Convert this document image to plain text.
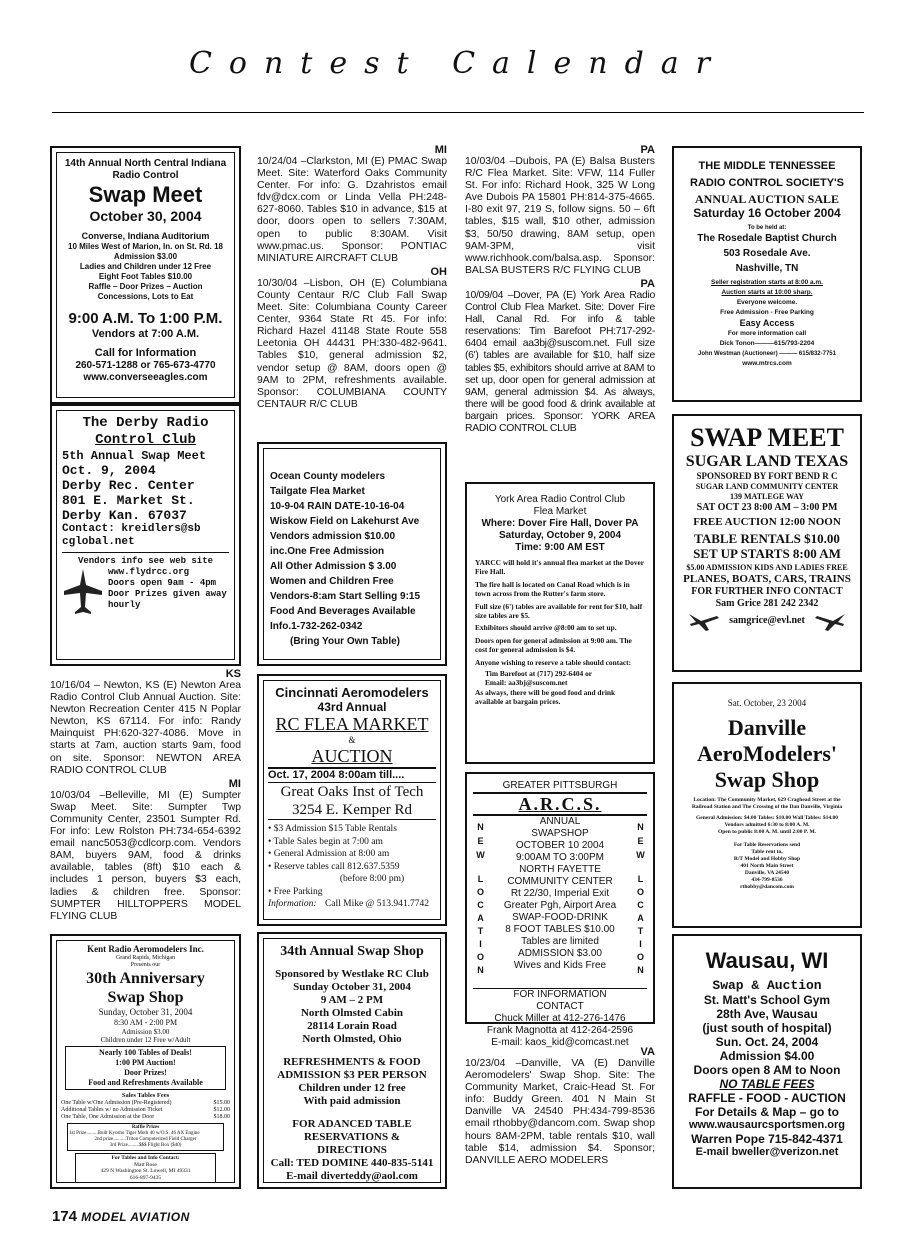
Contest Calendar
14th Annual North Central Indiana
Radio Control
Swap Meet
October 30, 2004
Converse, Indiana Auditorium
10 Miles West of Marion, In. on St. Rd. 18
Admission $3.00
Ladies and Children under 12 Free
Eight Foot Tables $10.00
Raffle – Door Prizes – Auction
Concessions, Lots to Eat
9:00 A.M. To 1:00 P.M.
Vendors at 7:00 A.M.
Call for Information
260-571-1288 or 765-673-4770
www.converseeagles.com
The Derby Radio
Control Club
5th Annual Swap Meet
Oct. 9, 2004
Derby Rec. Center
801 E. Market St.
Derby Kan. 67037
Contact: kreidlers@sb
cglobal.net
Vendors info see web site
www.flydrcc.org
Doors open 9am - 4pm
Door Prizes given away hourly
KS

10/16/04 – Newton, KS (E) Newton Area Radio Control Club Annual Auction. Site: Newton Recreation Center 415 N Poplar Newton, KS 67114. For info: Randy Mainquist PH:620-327-4086. Move in starts at 7am, auction starts 9am, food on site. Sponsor: NEWTON AREA RADIO CONTROL CLUB

MI

10/03/04 –Belleville, MI (E) Sumpter Swap Meet. Site: Sumpter Twp Community Center, 23501 Sumpter Rd. For info: Lew Rolston PH:734-654-6392 email nanc5053@cdlcorp.com. Vendors 8AM, buyers 9AM, food & drinks available, tables (8ft) $10 each & includes 1 person, buyers $3 each, ladies & children free. Sponsor: SUMPTER HILLTOPPERS MODEL FLYING CLUB

Kent Radio Aeromodelers Inc.
Grand Rapids, Michigan
Presents our
30th Anniversary
Swap Shop
Sunday, October 31, 2004
8:30 AM - 2:00 PM
Admission $3.00
Children under 12 Free w/Adult
Nearly 100 Tables of Deals!
1:00 PM Auction!
Door Prizes!
Food and Refreshments Available
Sales Tables Fees
One Table w/One Admission (Pre-Registered)	$15.00
Additional Tables w/ no Admission Ticket	$12.00
One Table, One Admission at the Door	$18.00
Raffle Prizes
1st Prize.........Built Kyosho Tiger Moth 40 w/O.S. 46 AX Engine
2nd prize..........Triton Computerized Field Charger
3rd Prize.........$$$ Flight Box ($40)
For Tables and Info Contact:
Matt Rose
429 N Washington St. Lowell, MI 49331
616-897-9435
MI

10/24/04 –Clarkston, MI (E) PMAC Swap Meet. Site: Waterford Oaks Community Center. For info: G. Dzahristos email fdv@dcx.com or Linda Vella PH:248-627-8060. Tables $10 in advance, $15 at door, doors open to sellers 7:30AM, open to public 8:30AM. Visit www.pmac.us. Sponsor: PONTIAC MINIATURE AIRCRAFT CLUB

OH

10/30/04 –Lisbon, OH (E) Columbiana County Centaur R/C Club Fall Swap Meet. Site: Columbiana County Career Center, 9364 State Rt 45. For info: Richard Hazel 41148 State Route 558 Leetonia OH 44431 PH:330-482-9641. Tables $10, general admission $2, vendor setup @ 8AM, doors open @ 9AM to 2PM, refreshments available. Sponsor: COLUMBIANA COUNTY CENTAUR R/C CLUB

Ocean County modelers
Tailgate Flea Market
10-9-04 RAIN DATE-10-16-04
Wiskow Field on Lakehurst Ave
Vendors admission $10.00
inc.One Free Admission
All Other Admission $ 3.00
Women and Children Free
Vendors-8:am Start Selling 9:15
Food And Beverages Available
Info.1-732-262-0342
(Bring Your Own Table)
Cincinnati Aeromodelers
43rd Annual
RC FLEA MARKET
&
AUCTION
Oct. 17, 2004 8:00am till....
Great Oaks Inst of Tech
3254 E. Kemper Rd
• $3 Admission $15 Table Rentals
• Table Sales begin at 7:00 am
• General Admission at 8:00 am
• Reserve tables call 812.637.5359
(before 8:00 pm)
• Free Parking
Information: Call Mike @ 513.941.7742
34th Annual Swap Shop
Sponsored by Westlake RC Club
Sunday October 31, 2004
9 AM – 2 PM
North Olmsted Cabin
28114 Lorain Road
North Olmsted, Ohio
REFRESHMENTS & FOOD
ADMISSION $3 PER PERSON
Children under 12 free
With paid admission
FOR ADANCED TABLE
RESERVATIONS & DIRECTIONS
Call: TED DOMINE 440-835-5141
E-mail diverteddy@aol.com
PA

10/03/04 –Dubois, PA (E) Balsa Busters R/C Flea Market. Site: VFW, 114 Fuller St. For info: Richard Hook, 325 W Long Ave Dubois PA 15801 PH:814-375-4665. I-80 exit 97, 219 S, follow signs. 50 – 6ft tables, $15 wall, $10 other, admission $3, 50/50 drawing, 8AM setup, open 9AM-3PM, visit www.richhook.com/balsa.asp. Sponsor: BALSA BUSTERS R/C FLYING CLUB

PA

10/09/04 –Dover, PA (E) York Area Radio Control Club Flea Market. Site: Dover Fire Hall, Canal Rd. For info & table reservations: Tim Barefoot PH:717-292-6404 email aa3bj@suscom.net. Full size (6') tables are available for $10, half size tables $5, exhibitors should arrive at 8AM to set up, door open for general admission at 9AM, general admission $4. As always, there will be good food & drink available at bargain prices. Sponsor: YORK AREA RADIO CONTROL CLUB

York Area Radio Control Club
Flea Market
Where: Dover Fire Hall, Dover PA
Saturday, October 9, 2004
Time: 9:00 AM EST

YARCC will hold it's annual flea market at the Dover Fire Hall.

The fire hall is located on Canal Road which is in town across from the Rutter's farm store.

Full size (6') tables are available for rent for $10, half size tables are $5.

Exhibitors should arrive @8:00 am to set up.

Doors open for general admission at 9:00 am. The cost for general admission is $4.

Anyone wishing to reserve a table should contact:

Tim Barefoot at (717) 292-6404 or

Email: aa3bj@suscom.net

As always, there will be good food and drink available at bargain prices.

GREATER PITTSBURGH
A.R.C.S.
NEW
LOCATION
ANNUAL
SWAPSHOP
OCTOBER 10 2004
9:00AM TO 3:00PM
NORTH FAYETTE
COMMUNITY CENTER
Rt 22/30, Imperial Exit
Greater Pgh, Airport Area
SWAP-FOOD-DRINK
8 FOOT TABLES $10.00
Tables are limited
ADMISSION $3.00
Wives and Kids Free
NEW
LOCATION
FOR INFORMATION
CONTACT
Chuck Miller at 412-276-1476
Frank Magnotta at 412-264-2596
E-mail: kaos_kid@comcast.net
VA

10/23/04 –Danville, VA (E) Danville Aeromodelers' Swap Shop. Site: The Community Market, Craic-Head St. For info: Buddy Green. 401 N Main St Danville VA 24540 PH:434-799-8536 email rthobby@dancom.com. Swap shop hours 8AM-2PM, table rentals $10, wall table $14, admission $4. Sponsor; DANVILLE AERO MODELERS

THE MIDDLE TENNESSEE
RADIO CONTROL SOCIETY'S
ANNUAL AUCTION SALE
Saturday 16 October 2004
To be held at:
The Rosedale Baptist Church
503 Rosedale Ave.
Nashville, TN
Seller registration starts at 8:00 a.m.
Auction starts at 10:00 sharp.
Everyone welcome.
Free Admission - Free Parking
Easy Access
For more information call
Dick Tonon———615/793-2204
John Westman (Auctioneer) ——— 615/832-7751
www.mtrcs.com
SWAP MEET
SUGAR LAND TEXAS
SPONSORED BY FORT BEND R C
SUGAR LAND COMMUNITY CENTER
139 MATLEGE WAY
SAT OCT 23 8:00 AM – 3:00 PM
FREE AUCTION 12:00 NOON
TABLE RENTALS $10.00
SET UP STARTS 8:00 AM
$5.00 ADMISSION KIDS AND LADIES FREE
PLANES, BOATS, CARS, TRAINS
FOR FURTHER INFO CONTACT
Sam Grice 281 242 2342
samgrice@evl.net
Sat. October, 23 2004
Danville
AeroModelers'
Swap Shop
Location: The Community Market, 629 Craghead Street at the Railroad Station and The Crossing of the Dan Danville, Virginia
General Admission: $4.00 Tables: $10.00 Wall Tables: $14.00
Vendors admitted 6:30 to 8:00 A. M.
Open to public 8:00 A. M. until 2:00 P. M.
For Table Reservations send
Table rent to,
R/T Model and Hobby Shop
401 North Main Street
Danville, VA 24540
434-799-8536
rthobby@dancom.com
Wausau, WI
Swap & Auction
St. Matt's School Gym
28th Ave, Wausau
(just south of hospital)
Sun. Oct. 24, 2004
Admission $4.00
Doors open 8 AM to Noon
NO TABLE FEES
RAFFLE - FOOD - AUCTION
For Details & Map – go to
www.wausaurcsportsmen.org
Warren Pope 715-842-4371
E-mail bweller@verizon.net
174 MODEL AVIATION
